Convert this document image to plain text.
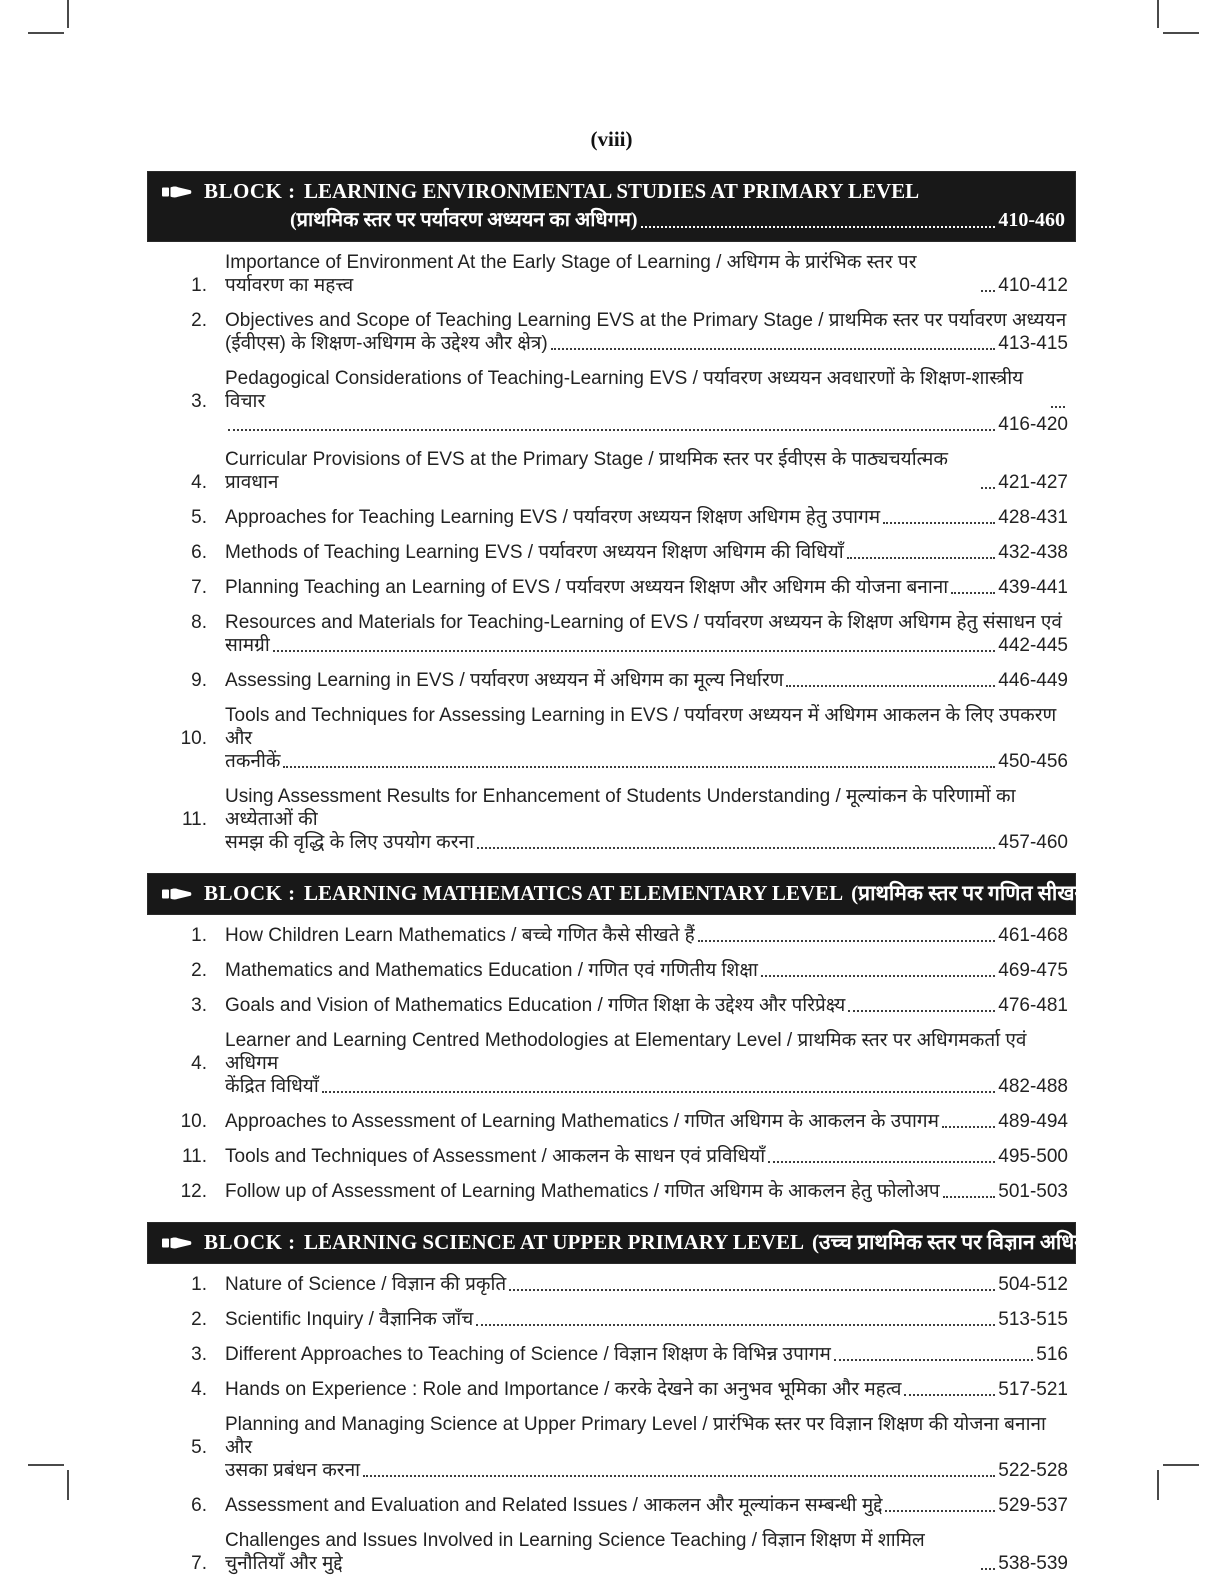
(viii)
BLOCK : LEARNING ENVIRONMENTAL STUDIES AT PRIMARY LEVEL
(प्राथमिक स्तर पर पर्यावरण अध्ययन का अधिगम)	410-460
1.
Importance of Environment At the Early Stage of Learning / अधिगम के प्रारंभिक स्तर पर पर्यावरण का महत्त्व	410-412
2. Objectives and Scope of Teaching Learning EVS at the Primary Stage / प्राथमिक स्तर पर पर्यावरण अध्ययन
(ईवीएस) के शिक्षण-अधिगम के उद्देश्य और क्षेत्र)	413-415
3.
Pedagogical Considerations of Teaching-Learning EVS / पर्यावरण अध्ययन अवधारणों के शिक्षण-शास्त्रीय विचार
416-420
4.
Curricular Provisions of EVS at the Primary Stage / प्राथमिक स्तर पर ईवीएस के पाठ्यचर्यात्मक प्रावधान	421-427
5. Approaches for Teaching Learning EVS / पर्यावरण अध्ययन शिक्षण अधिगम हेतु उपागम	428-431
6. Methods of Teaching Learning EVS / पर्यावरण अध्ययन शिक्षण अधिगम की विधियाँ	432-438
7. Planning Teaching an Learning of EVS / पर्यावरण अध्ययन शिक्षण और अधिगम की योजना बनाना	439-441
8. Resources and Materials for Teaching-Learning of EVS / पर्यावरण अध्ययन के शिक्षण अधिगम हेतु संसाधन एवं
सामग्री	442-445
9. Assessing Learning in EVS / पर्यावरण अध्ययन में अधिगम का मूल्य निर्धारण	446-449
10.
Tools and Techniques for Assessing Learning in EVS / पर्यावरण अध्ययन में अधिगम आकलन के लिए उपकरण और
तकनीकें	450-456
11.
Using Assessment Results for Enhancement of Students Understanding / मूल्यांकन के परिणामों का अध्येताओं की
समझ की वृद्धि के लिए उपयोग करना	457-460
BLOCK : LEARNING MATHEMATICS AT ELEMENTARY LEVEL (प्राथमिक स्तर पर गणित सीखना) 461-503
1. How Children Learn Mathematics / बच्चे गणित कैसे सीखते हैं	461-468
2. Mathematics and Mathematics Education / गणित एवं गणितीय शिक्षा	469-475
3. Goals and Vision of Mathematics Education / गणित शिक्षा के उद्देश्य और परिप्रेक्ष्य	476-481
4.
Learner and Learning Centred Methodologies at Elementary Level / प्राथमिक स्तर पर अधिगमकर्ता एवं अधिगम
केंद्रित विधियाँ	482-488
10. Approaches to Assessment of Learning Mathematics / गणित अधिगम के आकलन के उपागम	489-494
11. Tools and Techniques of Assessment / आकलन के साधन एवं प्रविधियाँ	495-500
12. Follow up of Assessment of Learning Mathematics / गणित अधिगम के आकलन हेतु फोलोअप	501-503
BLOCK : LEARNING SCIENCE AT UPPER PRIMARY LEVEL (उच्च प्राथमिक स्तर पर विज्ञान अधिगम) 504-539
1. Nature of Science / विज्ञान की प्रकृति	504-512
2. Scientific Inquiry / वैज्ञानिक जाँच	513-515
3. Different Approaches to Teaching of Science / विज्ञान शिक्षण के विभिन्न उपागम	516
4. Hands on Experience : Role and Importance / करके देखने का अनुभव भूमिका और महत्व	517-521
5.
Planning and Managing Science at Upper Primary Level / प्रारंभिक स्तर पर विज्ञान शिक्षण की योजना बनाना और
उसका प्रबंधन करना	522-528
6. Assessment and Evaluation and Related Issues / आकलन और मूल्यांकन सम्बन्धी मुद्दे	529-537
7.
Challenges and Issues Involved in Learning Science Teaching / विज्ञान शिक्षण में शामिल चुनौतियाँ और मुद्दे	538-539
